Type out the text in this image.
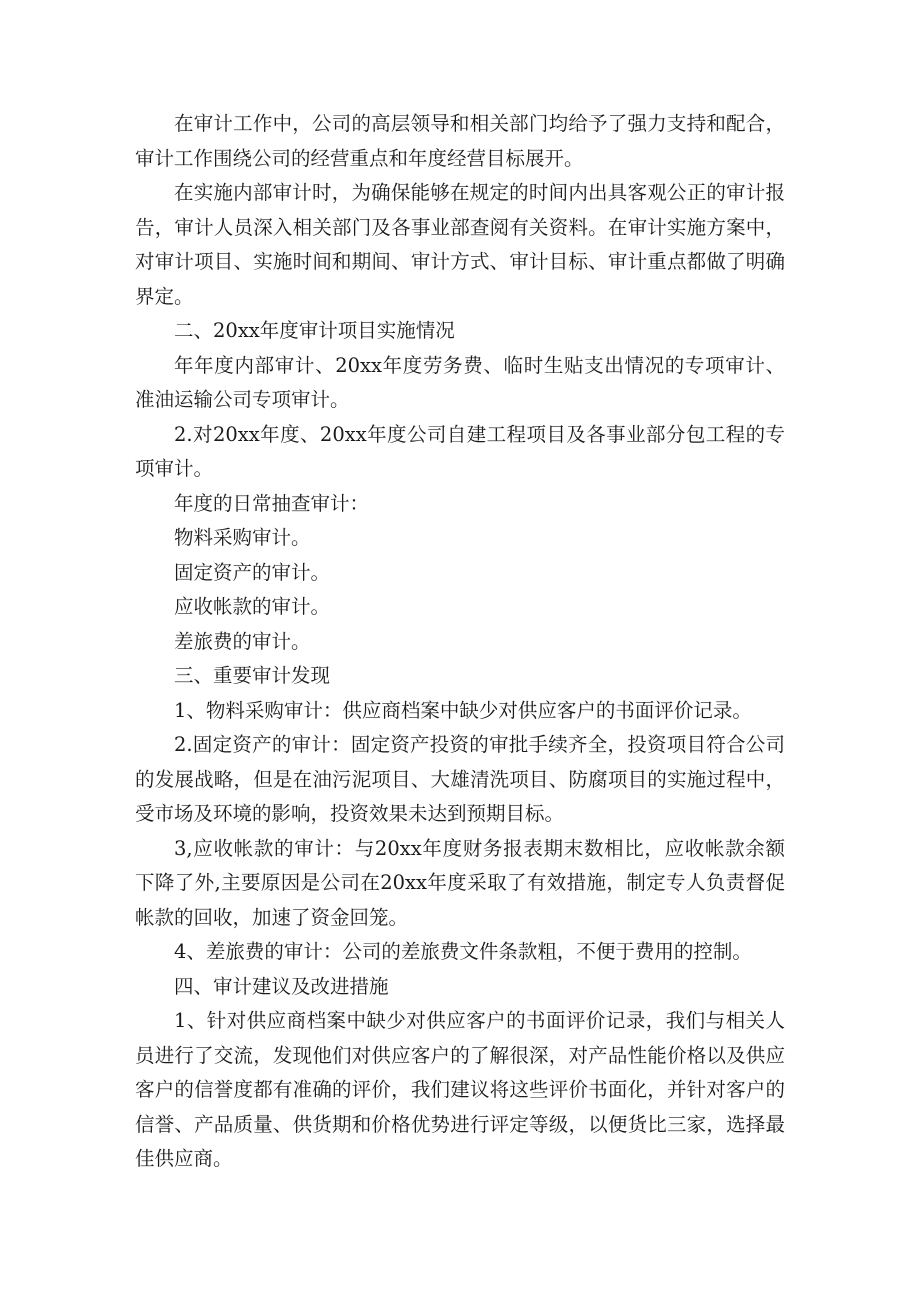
在审计工作中，公司的高层领导和相关部门均给予了强力支持和配合，审计工作围绕公司的经营重点和年度经营目标展开。

在实施内部审计时，为确保能够在规定的时间内出具客观公正的审计报告，审计人员深入相关部门及各事业部查阅有关资料。在审计实施方案中，对审计项目、实施时间和期间、审计方式、审计目标、审计重点都做了明确界定。

二、20xx年度审计项目实施情况

年年度内部审计、20xx年度劳务费、临时生贴支出情况的专项审计、准油运输公司专项审计。

2.对20xx年度、20xx年度公司自建工程项目及各事业部分包工程的专项审计。

年度的日常抽查审计：

物料采购审计。

固定资产的审计。

应收帐款的审计。

差旅费的审计。

三、重要审计发现

1、物料采购审计：供应商档案中缺少对供应客户的书面评价记录。

2.固定资产的审计：固定资产投资的审批手续齐全，投资项目符合公司的发展战略，但是在油污泥项目、大雄清洗项目、防腐项目的实施过程中，受市场及环境的影响，投资效果未达到预期目标。

3,应收帐款的审计：与20xx年度财务报表期末数相比，应收帐款余额下降了外,主要原因是公司在20xx年度采取了有效措施，制定专人负责督促帐款的回收，加速了资金回笼。

4、差旅费的审计：公司的差旅费文件条款粗，不便于费用的控制。

四、审计建议及改进措施

1、针对供应商档案中缺少对供应客户的书面评价记录，我们与相关人员进行了交流，发现他们对供应客户的了解很深，对产品性能价格以及供应客户的信誉度都有准确的评价，我们建议将这些评价书面化，并针对客户的信誉、产品质量、供货期和价格优势进行评定等级，以便货比三家，选择最佳供应商。
